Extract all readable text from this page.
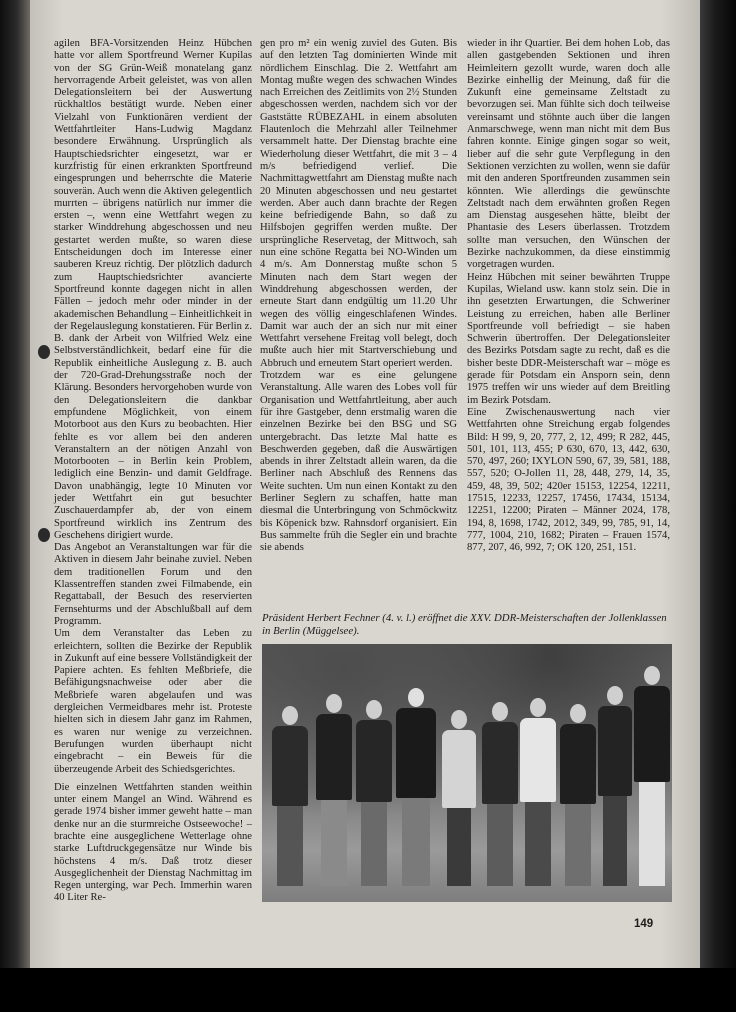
agilen BFA-Vorsitzenden Heinz Hübchen hatte vor allem Sportfreund Werner Kupilas von der SG Grün-Weiß monatelang ganz hervorragende Arbeit geleistet, was von allen Delegationsleitern bei der Auswertung rückhaltlos bestätigt wurde. Neben einer Vielzahl von Funktionären verdient der Wettfahrtleiter Hans-Ludwig Magdanz besondere Erwähnung. Ursprünglich als Hauptschiedsrichter eingesetzt, war er kurzfristig für einen erkrankten Sportfreund eingesprungen und beherrschte die Materie souverän. Auch wenn die Aktiven gelegentlich murrten – übrigens natürlich nur immer die ersten –, wenn eine Wettfahrt wegen zu starker Winddrehung abgeschossen und neu gestartet werden mußte, so waren diese Entscheidungen doch im Interesse einer sauberen Kreuz richtig. Der plötzlich dadurch zum Hauptschiedsrichter avancierte Sportfreund konnte dagegen nicht in allen Fällen – jedoch mehr oder minder in der akademischen Behandlung – Einheitlichkeit in der Regelauslegung konstatieren. Für Berlin z. B. dank der Arbeit von Wilfried Welz eine Selbstverständlichkeit, bedarf eine für die Republik einheitliche Auslegung z. B. auch der 720-Grad-Drehungsstraße noch der Klärung. Besonders hervorgehoben wurde von den Delegationsleitern die dankbar empfundene Möglichkeit, von einem Motorboot aus den Kurs zu beobachten. Hier fehlte es vor allem bei den anderen Veranstaltern an der nötigen Anzahl von Motorbooten – in Berlin kein Problem, lediglich eine Benzin- und damit Geldfrage. Davon unabhängig, legte 10 Minuten vor jeder Wettfahrt ein gut besuchter Zuschauerdampfer ab, der von einem Sportfreund wirklich ins Zentrum des Geschehens dirigiert wurde.

Das Angebot an Veranstaltungen war für die Aktiven in diesem Jahr beinahe zuviel. Neben dem traditionellen Forum und den Klassentreffen standen zwei Filmabende, ein Regattaball, der Besuch des reservierten Fernsehturms und der Abschlußball auf dem Programm.

Um dem Veranstalter das Leben zu erleichtern, sollten die Bezirke der Republik in Zukunft auf eine bessere Vollständigkeit der Papiere achten. Es fehlten Meßbriefe, die Befähigungsnachweise oder aber die Meßbriefe waren abgelaufen und was dergleichen Vermeidbares mehr ist. Proteste hielten sich in diesem Jahr ganz im Rahmen, es waren nur wenige zu verzeichnen. Berufungen wurden überhaupt nicht eingebracht – ein Beweis für die überzeugende Arbeit des Schiedsgerichtes.

Die einzelnen Wettfahrten standen weithin unter einem Mangel an Wind. Während es gerade 1974 bisher immer geweht hatte – man denke nur an die sturmreiche Ostseewoche! – brachte eine ausgeglichene Wetterlage ohne starke Luftdruckgegensätze nur Winde bis höchstens 4 m/s. Daß trotz dieser Ausgeglichenheit der Dienstag Nachmittag im Regen unterging, war Pech. Immerhin waren 40 Liter Re-

gen pro m² ein wenig zuviel des Guten. Bis auf den letzten Tag dominierten Winde mit nördlichem Einschlag. Die 2. Wettfahrt am Montag mußte wegen des schwachen Windes nach Erreichen des Zeitlimits von 2½ Stunden abgeschossen werden, nachdem sich vor der Gaststätte RÜBEZAHL in einem absoluten Flautenloch die Mehrzahl aller Teilnehmer versammelt hatte. Der Dienstag brachte eine Wiederholung dieser Wettfahrt, die mit 3 – 4 m/s befriedigend verlief. Die Nachmittagwettfahrt am Dienstag mußte nach 20 Minuten abgeschossen und neu gestartet werden. Aber auch dann brachte der Regen keine befriedigende Bahn, so daß zu Hilfsbojen gegriffen werden mußte. Der ursprüngliche Reservetag, der Mittwoch, sah nun eine schöne Regatta bei NO-Winden um 4 m/s. Am Donnerstag mußte schon 5 Minuten nach dem Start wegen der Winddrehung abgeschossen werden, der erneute Start dann endgültig um 11.20 Uhr wegen des völlig eingeschlafenen Windes. Damit war auch der an sich nur mit einer Wettfahrt versehene Freitag voll belegt, doch mußte auch hier mit Startverschiebung und Abbruch und erneutem Start operiert werden.

Trotzdem war es eine gelungene Veranstaltung. Alle waren des Lobes voll für Organisation und Wettfahrtleitung, aber auch für ihre Gastgeber, denn erstmalig waren die einzelnen Bezirke bei den BSG und SG untergebracht. Das letzte Mal hatte es Beschwerden gegeben, daß die Auswärtigen abends in ihrer Zeltstadt allein waren, da die Berliner nach Abschluß des Rennens das Weite suchten. Um nun einen Kontakt zu den Berliner Seglern zu schaffen, hatte man diesmal die Unterbringung von Schmöckwitz bis Köpenick bzw. Rahnsdorf organisiert. Ein Bus sammelte früh die Segler ein und brachte sie abends

wieder in ihr Quartier. Bei dem hohen Lob, das allen gastgebenden Sektionen und ihren Heimleitern gezollt wurde, waren doch alle Bezirke einhellig der Meinung, daß für die Zukunft eine gemeinsame Zeltstadt zu bevorzugen sei. Man fühlte sich doch teilweise vereinsamt und stöhnte auch über die langen Anmarschwege, wenn man nicht mit dem Bus fahren konnte. Einige gingen sogar so weit, lieber auf die sehr gute Verpflegung in den Sektionen verzichten zu wollen, wenn sie dafür mit den anderen Sportfreunden zusammen sein könnten. Wie allerdings die gewünschte Zeltstadt nach dem erwähnten großen Regen am Dienstag ausgesehen hätte, bleibt der Phantasie des Lesers überlassen. Trotzdem sollte man versuchen, den Wünschen der Bezirke nachzukommen, da diese einstimmig vorgetragen wurden.

Heinz Hübchen mit seiner bewährten Truppe Kupilas, Wieland usw. kann stolz sein. Die in ihn gesetzten Erwartungen, die Schweriner Leistung zu erreichen, haben alle Berliner Sportfreunde voll befriedigt – sie haben Schwerin übertroffen. Der Delegationsleiter des Bezirks Potsdam sagte zu recht, daß es die bisher beste DDR-Meisterschaft war – möge es gerade für Potsdam ein Ansporn sein, denn 1975 treffen wir uns wieder auf dem Breitling im Bezirk Potsdam.

Eine Zwischenauswertung nach vier Wettfahrten ohne Streichung ergab folgendes Bild: H 99, 9, 20, 777, 2, 12, 499; R 282, 445, 501, 101, 113, 455; P 630, 670, 13, 442, 630, 570, 497, 260; IXYLON 590, 67, 39, 581, 188, 557, 520; O-Jollen 11, 28, 448, 279, 14, 35, 459, 48, 39, 502; 420er 15153, 12254, 12211, 17515, 12233, 12257, 17456, 17434, 15134, 12251, 12200; Piraten – Männer 2024, 178, 194, 8, 1698, 1742, 2012, 349, 99, 785, 91, 14, 777, 1004, 210, 1682; Piraten – Frauen 1574, 877, 207, 46, 992, 7; OK 120, 251, 151.

Präsident Herbert Fechner (4. v. l.) eröffnet die XXV. DDR-Meisterschaften der Jollenklassen in Berlin (Müggelsee).
149
